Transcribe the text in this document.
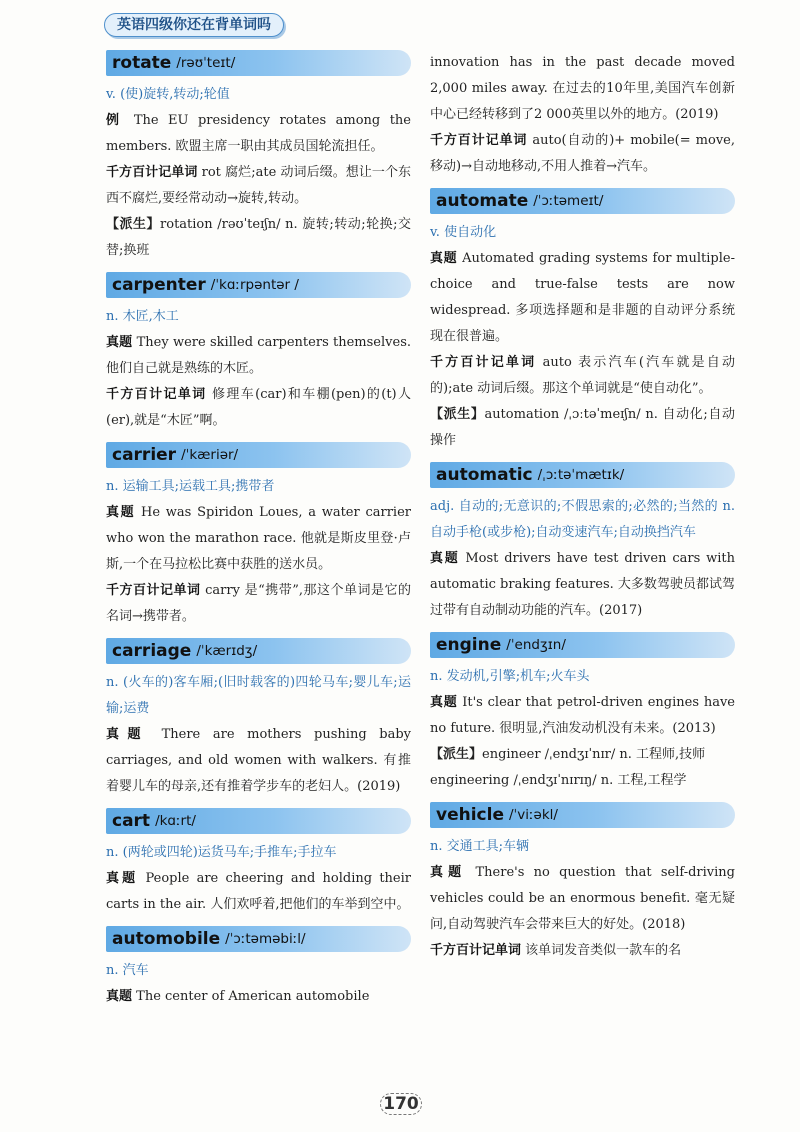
英语四级你还在背单词吗
rotate /rəʊˈteɪt/

v. (使)旋转,转动;轮值

例 The EU presidency rotates among the members. 欧盟主席一职由其成员国轮流担任。

千方百计记单词 rot 腐烂;ate 动词后缀。想让一个东西不腐烂,要经常动动→旋转,转动。

【派生】rotation /rəʊˈteɪʃn/ n. 旋转;转动;轮换;交替;换班

carpenter /ˈkɑːrpəntər /

n. 木匠,木工

真题 They were skilled carpenters themselves. 他们自己就是熟练的木匠。

千方百计记单词 修理车(car)和车棚(pen)的(t)人(er),就是“木匠”啊。

carrier /ˈkæriər/

n. 运输工具;运载工具;携带者

真题 He was Spiridon Loues, a water carrier who won the marathon race. 他就是斯皮里登·卢斯,一个在马拉松比赛中获胜的送水员。

千方百计记单词 carry 是“携带”,那这个单词是它的名词→携带者。

carriage /ˈkærɪdʒ/

n. (火车的)客车厢;(旧时载客的)四轮马车;婴儿车;运输;运费

真题 There are mothers pushing baby carriages, and old women with walkers. 有推着婴儿车的母亲,还有推着学步车的老妇人。(2019)

cart /kɑːrt/

n. (两轮或四轮)运货马车;手推车;手拉车

真题 People are cheering and holding their carts in the air. 人们欢呼着,把他们的车举到空中。

automobile /ˈɔːtəməbiːl/

n. 汽车

真题 The center of American automobile

innovation has in the past decade moved 2,000 miles away. 在过去的10年里,美国汽车创新中心已经转移到了2 000英里以外的地方。(2019)

千方百计记单词 auto(自动的)+ mobile(= move,移动)→自动地移动,不用人推着→汽车。

automate /ˈɔːtəmeɪt/

v. 使自动化

真题 Automated grading systems for multiple-choice and true-false tests are now widespread. 多项选择题和是非题的自动评分系统现在很普遍。

千方百计记单词 auto 表示汽车(汽车就是自动的);ate 动词后缀。那这个单词就是“使自动化”。

【派生】automation /ˌɔːtəˈmeɪʃn/ n. 自动化;自动操作

automatic /ˌɔːtəˈmætɪk/

adj. 自动的;无意识的;不假思索的;必然的;当然的 n. 自动手枪(或步枪);自动变速汽车;自动换挡汽车

真题 Most drivers have test driven cars with automatic braking features. 大多数驾驶员都试驾过带有自动制动功能的汽车。(2017)

engine /ˈendʒɪn/

n. 发动机,引擎;机车;火车头

真题 It's clear that petrol-driven engines have no future. 很明显,汽油发动机没有未来。(2013)

【派生】engineer /ˌendʒɪˈnɪr/ n. 工程师,技师

engineering /ˌendʒɪˈnɪrɪŋ/ n. 工程,工程学

vehicle /ˈviːəkl/

n. 交通工具;车辆

真题 There's no question that self-driving vehicles could be an enormous benefit. 毫无疑问,自动驾驶汽车会带来巨大的好处。(2018)

千方百计记单词 该单词发音类似一款车的名

170
